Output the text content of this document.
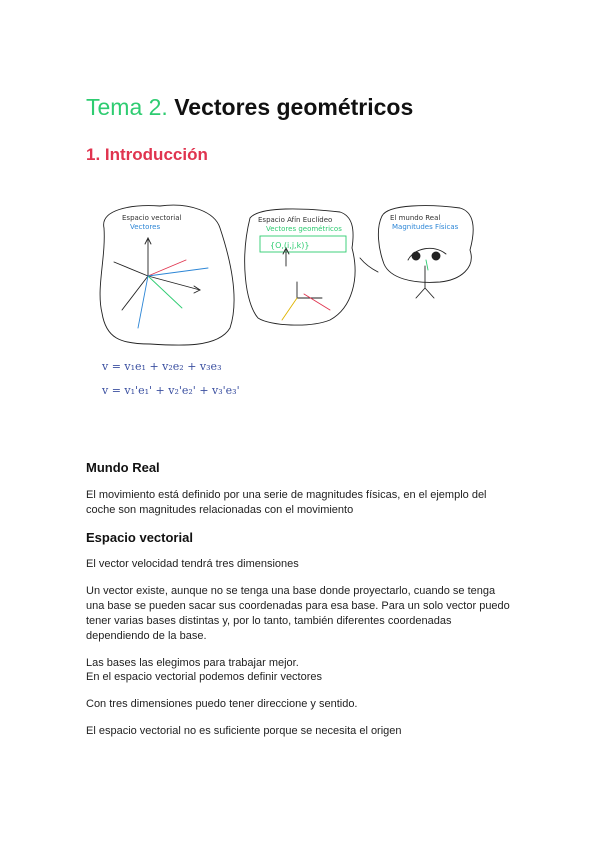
Tema 2. Vectores geométricos
1. Introducción
Espacio vectorial
Vectores
Espacio Afín Euclídeo
Vectores geométricos
{O,(i,j,k)}
El mundo Real
Magnitudes Físicas
v = v₁e₁ + v₂e₂ + v₃e₃
v = v₁'e₁' + v₂'e₂' + v₃'e₃'
Mundo Real

El movimiento está definido por una serie de magnitudes físicas, en el ejemplo del coche son magnitudes relacionadas con el movimiento

Espacio vectorial

El vector velocidad tendrá tres dimensiones

Un vector existe, aunque no se tenga una base donde proyectarlo, cuando se tenga una base se pueden sacar sus coordenadas para esa base. Para un solo vector puedo tener varias bases distintas y, por lo tanto, también diferentes coordenadas dependiendo de la base.

Las bases las elegimos para trabajar mejor.

En el espacio vectorial podemos definir vectores

Con tres dimensiones puedo tener direccione y sentido.

El espacio vectorial no es suficiente porque se necesita el origen
